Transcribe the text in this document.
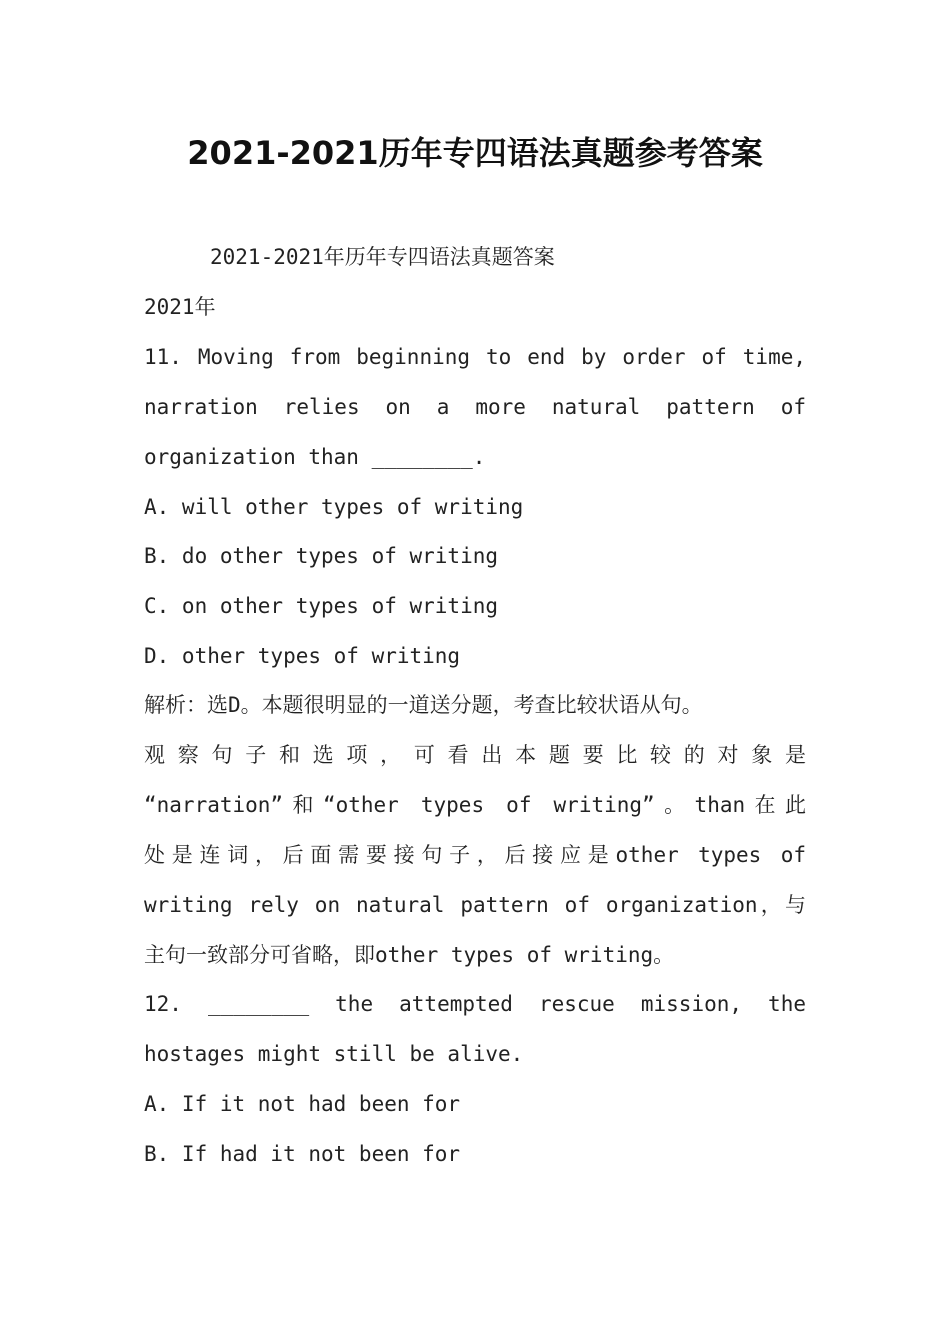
2021-2021历年专四语法真题参考答案
2021-2021年历年专四语法真题答案
2021年
11. Moving from beginning to end by order of time,
narration relies on a more natural pattern of
organization than ________.
A. will other types of writing
B. do other types of writing
C. on other types of writing
D. other types of writing
解析：选D。本题很明显的一道送分题，考查比较状语从句。
观 察 句 子 和 选 项 ， 可 看 出 本 题 要 比 较 的 对 象 是
“narration”和“other types of writing”。than在此
处是连词，后面需要接句子，后接应是other types of
writing rely on natural pattern of organization，与
主句一致部分可省略，即other types of writing。
12. ________ the attempted rescue mission, the
hostages might still be alive.
A. If it not had been for
B. If had it not been for
